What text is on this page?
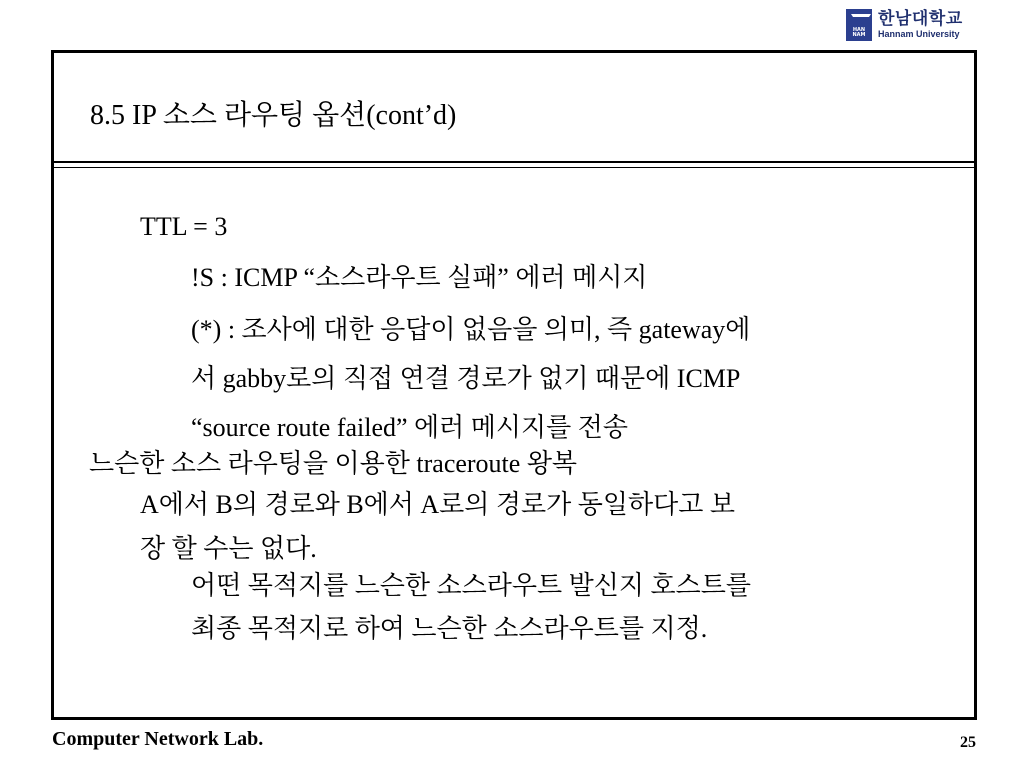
HAN NAM
한남대학교
Hannam University
8.5 IP 소스 라우팅 옵션(cont’d)
TTL = 3
!S : ICMP “소스라우트 실패” 에러 메시지
(*) : 조사에 대한 응답이 없음을 의미, 즉 gateway에
서 gabby로의 직접 연결 경로가 없기 때문에 ICMP
“source route failed” 에러 메시지를 전송
느슨한 소스 라우팅을 이용한 traceroute 왕복
A에서 B의 경로와 B에서 A로의 경로가 동일하다고 보
장 할 수는 없다.
어떤 목적지를 느슨한 소스라우트 발신지 호스트를
최종 목적지로 하여 느슨한 소스라우트를 지정.
Computer Network Lab.	25
